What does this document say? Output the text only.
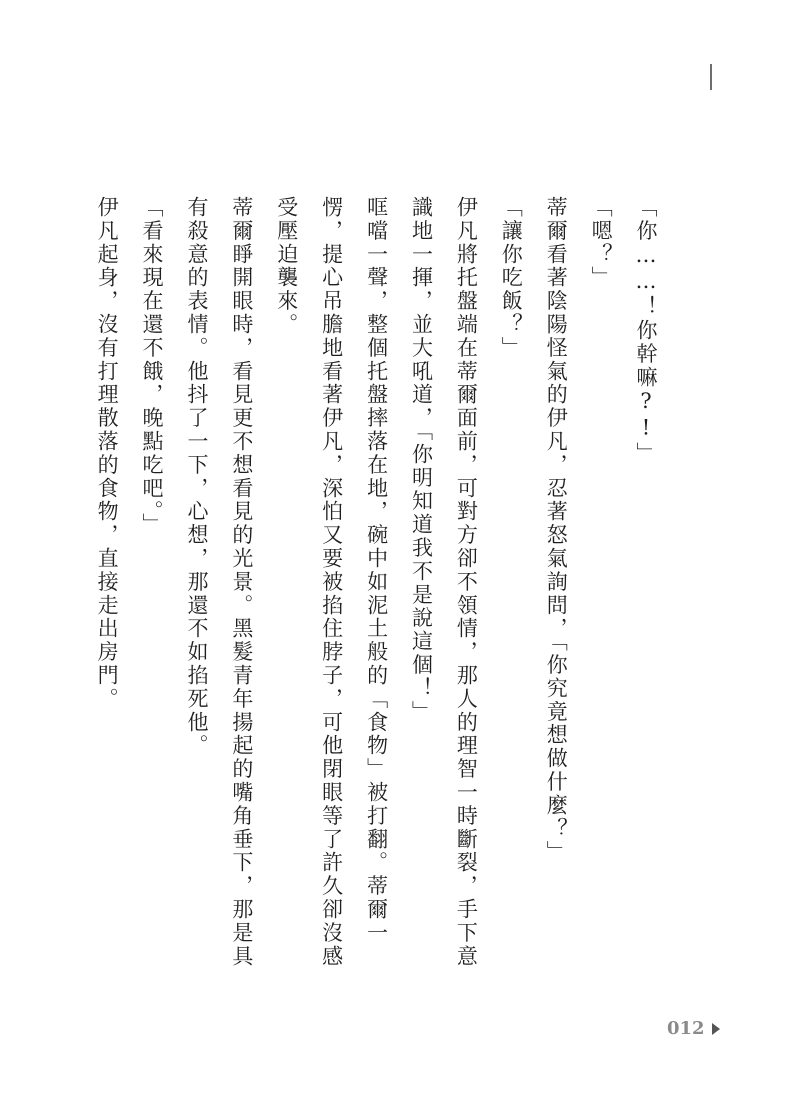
「你……！你幹嘛?!」

「嗯？」

蒂爾看著陰陽怪氣的伊凡，忍著怒氣詢問，「你究竟想做什麼？」

「讓你吃飯？」

伊凡將托盤端在蒂爾面前，可對方卻不領情，那人的理智一時斷裂，手下意識地一揮，並大吼道，「你明知道我不是說這個！」

哐噹一聲，整個托盤摔落在地，碗中如泥土般的「食物」被打翻。蒂爾一愣，提心吊膽地看著伊凡，深怕又要被掐住脖子，可他閉眼等了許久卻沒感受壓迫襲來。

蒂爾睜開眼時，看見更不想看見的光景。黑髮青年揚起的嘴角垂下，那是具有殺意的表情。他抖了一下，心想，那還不如掐死他。

「看來現在還不餓，晚點吃吧。」

伊凡起身，沒有打理散落的食物，直接走出房門。

012
